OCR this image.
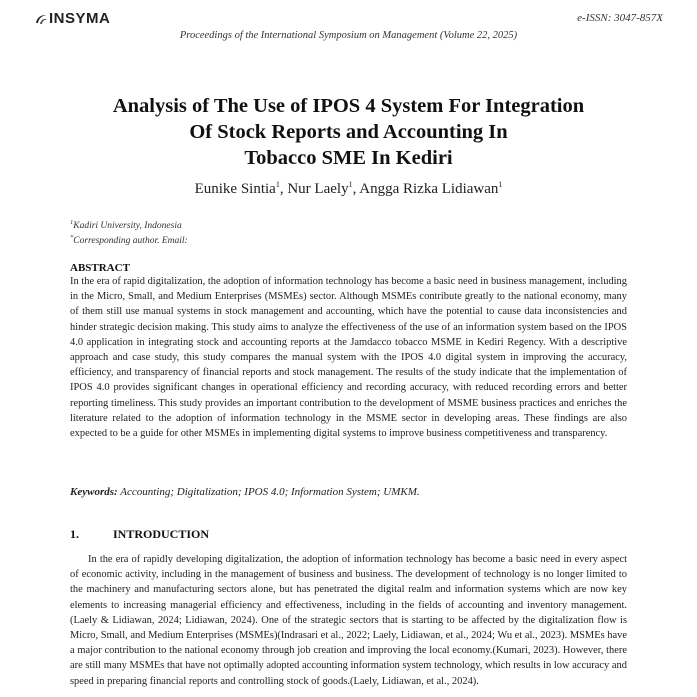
INSYMA	e-ISSN: 3047-857X
Proceedings of the International Symposium on Management (Volume 22, 2025)
Analysis of The Use of IPOS 4 System For Integration
Of Stock Reports and Accounting In
Tobacco SME In Kediri
Eunike Sintia$^1$, Nur Laely$^1$, Angga Rizka Lidiawan$^1$
$^1$Kadiri University, Indonesia
*Corresponding author. Email:
ABSTRACT
In the era of rapid digitalization, the adoption of information technology has become a basic need in business management, including in the Micro, Small, and Medium Enterprises (MSMEs) sector. Although MSMEs contribute greatly to the national economy, many of them still use manual systems in stock management and accounting, which have the potential to cause data inconsistencies and hinder strategic decision making. This study aims to analyze the effectiveness of the use of an information system based on the IPOS 4.0 application in integrating stock and accounting reports at the Jamdacco tobacco MSME in Kediri Regency. With a descriptive approach and case study, this study compares the manual system with the IPOS 4.0 digital system in improving the accuracy, efficiency, and transparency of financial reports and stock management. The results of the study indicate that the implementation of IPOS 4.0 provides significant changes in operational efficiency and recording accuracy, with reduced recording errors and better reporting timeliness. This study provides an important contribution to the development of MSME business practices and enriches the literature related to the adoption of information technology in the MSME sector in developing areas. These findings are also expected to be a guide for other MSMEs in implementing digital systems to improve business competitiveness and transparency.
Keywords: Accounting; Digitalization; IPOS 4.0; Information System; UMKM.
1.	INTRODUCTION
In the era of rapidly developing digitalization, the adoption of information technology has become a basic need in every aspect of economic activity, including in the management of business and business. The development of technology is no longer limited to the machinery and manufacturing sectors alone, but has penetrated the digital realm and information systems which are now key elements to increasing managerial efficiency and effectiveness, including in the fields of accounting and inventory management.(Laely & Lidiawan, 2024; Lidiawan, 2024). One of the strategic sectors that is starting to be affected by the digitalization flow is Micro, Small, and Medium Enterprises (MSMEs)(Indrasari et al., 2022; Laely, Lidiawan, et al., 2024; Wu et al., 2023). MSMEs have a major contribution to the national economy through job creation and improving the local economy.(Kumari, 2023). However, there are still many MSMEs that have not optimally adopted accounting information system technology, which results in low accuracy and speed in preparing financial reports and controlling stock of goods.(Laely, Lidiawan, et al., 2024).
